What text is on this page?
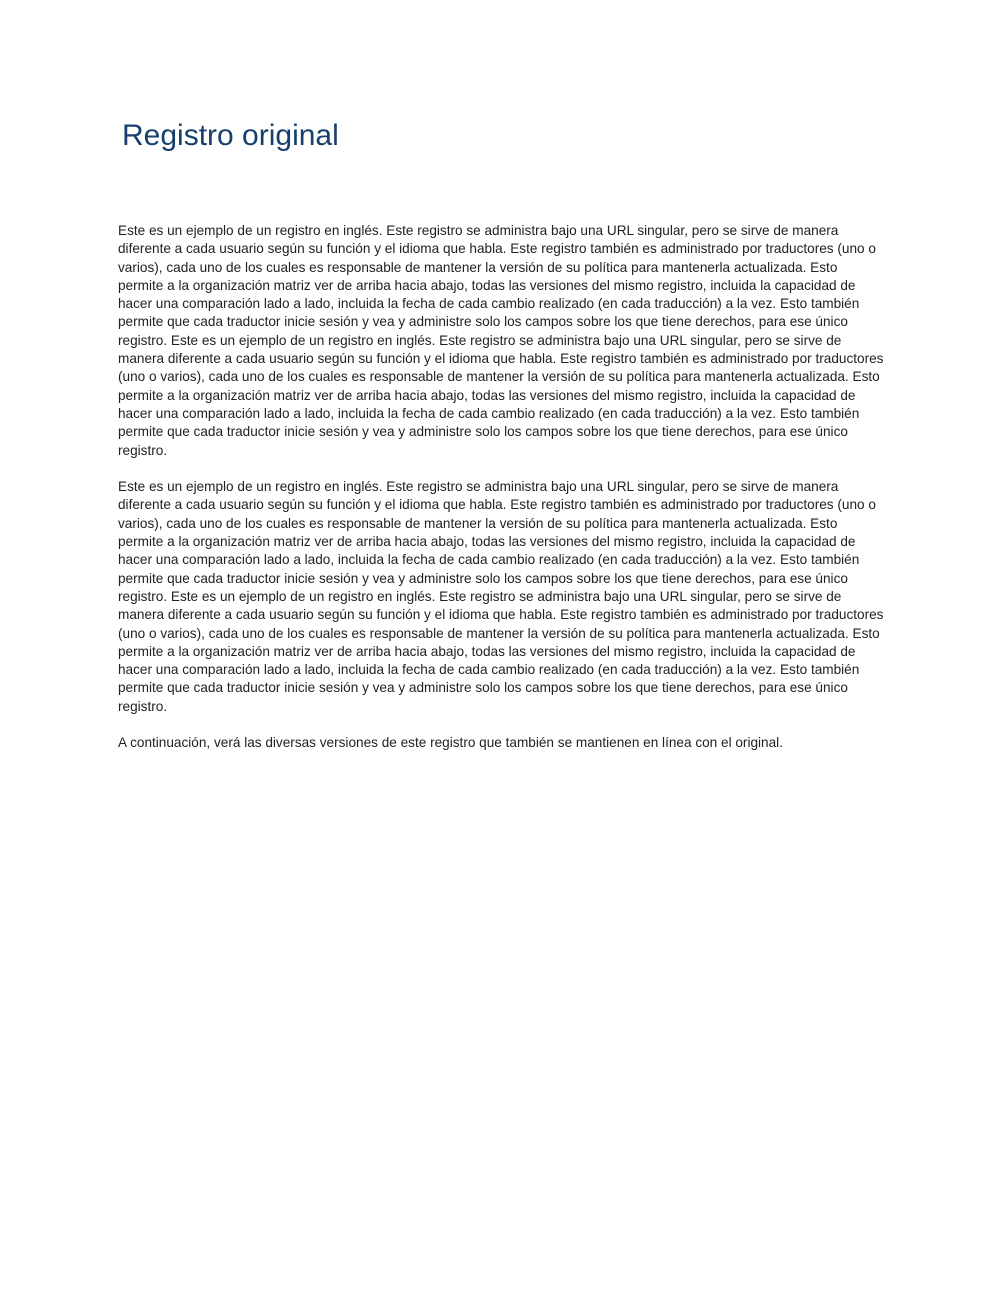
Registro original

Este es un ejemplo de un registro en inglés. Este registro se administra bajo una URL singular, pero se sirve de manera diferente a cada usuario según su función y el idioma que habla. Este registro también es administrado por traductores (uno o varios), cada uno de los cuales es responsable de mantener la versión de su política para mantenerla actualizada. Esto permite a la organización matriz ver de arriba hacia abajo, todas las versiones del mismo registro, incluida la capacidad de hacer una comparación lado a lado, incluida la fecha de cada cambio realizado (en cada traducción) a la vez. Esto también permite que cada traductor inicie sesión y vea y administre solo los campos sobre los que tiene derechos, para ese único registro. Este es un ejemplo de un registro en inglés. Este registro se administra bajo una URL singular, pero se sirve de manera diferente a cada usuario según su función y el idioma que habla. Este registro también es administrado por traductores (uno o varios), cada uno de los cuales es responsable de mantener la versión de su política para mantenerla actualizada. Esto permite a la organización matriz ver de arriba hacia abajo, todas las versiones del mismo registro, incluida la capacidad de hacer una comparación lado a lado, incluida la fecha de cada cambio realizado (en cada traducción) a la vez. Esto también permite que cada traductor inicie sesión y vea y administre solo los campos sobre los que tiene derechos, para ese único registro.

Este es un ejemplo de un registro en inglés. Este registro se administra bajo una URL singular, pero se sirve de manera diferente a cada usuario según su función y el idioma que habla. Este registro también es administrado por traductores (uno o varios), cada uno de los cuales es responsable de mantener la versión de su política para mantenerla actualizada. Esto permite a la organización matriz ver de arriba hacia abajo, todas las versiones del mismo registro, incluida la capacidad de hacer una comparación lado a lado, incluida la fecha de cada cambio realizado (en cada traducción) a la vez. Esto también permite que cada traductor inicie sesión y vea y administre solo los campos sobre los que tiene derechos, para ese único registro. Este es un ejemplo de un registro en inglés. Este registro se administra bajo una URL singular, pero se sirve de manera diferente a cada usuario según su función y el idioma que habla. Este registro también es administrado por traductores (uno o varios), cada uno de los cuales es responsable de mantener la versión de su política para mantenerla actualizada. Esto permite a la organización matriz ver de arriba hacia abajo, todas las versiones del mismo registro, incluida la capacidad de hacer una comparación lado a lado, incluida la fecha de cada cambio realizado (en cada traducción) a la vez. Esto también permite que cada traductor inicie sesión y vea y administre solo los campos sobre los que tiene derechos, para ese único registro.

A continuación, verá las diversas versiones de este registro que también se mantienen en línea con el original.
